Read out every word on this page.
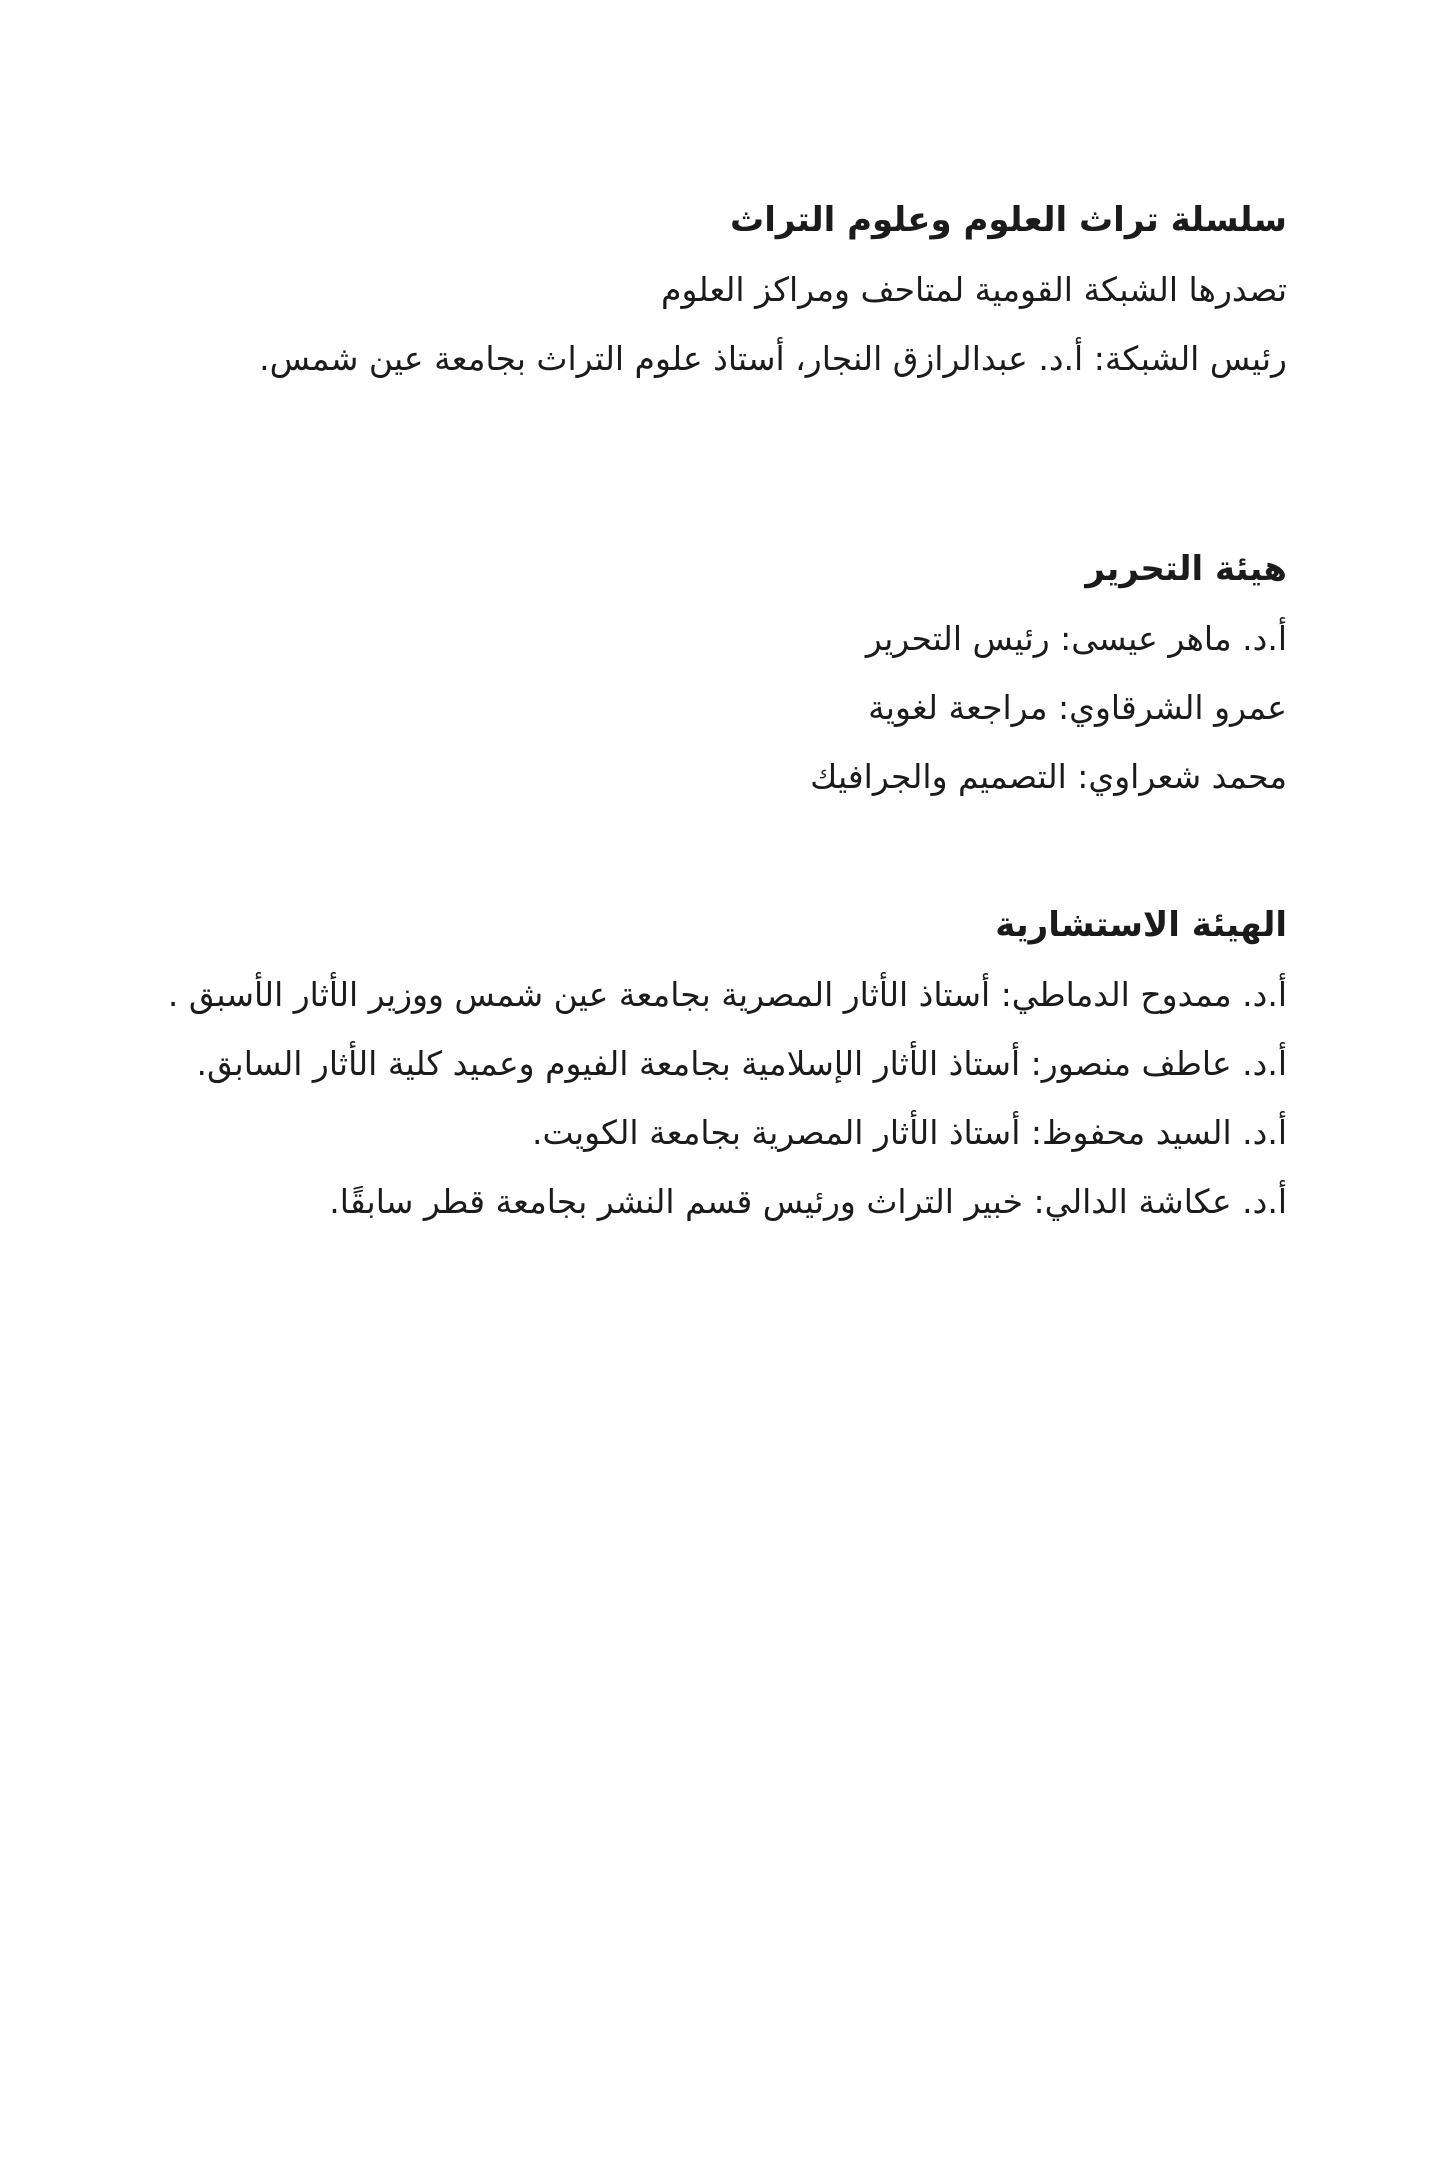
سلسلة تراث العلوم وعلوم التراث

تصدرها الشبكة القومية لمتاحف ومراكز العلوم

رئيس الشبكة: أ.د. عبدالرازق النجار، أستاذ علوم التراث بجامعة عين شمس.

هيئة التحرير

أ.د. ماهر عيسى: رئيس التحرير

عمرو الشرقاوي: مراجعة لغوية

محمد شعراوي: التصميم والجرافيك

الهيئة الاستشارية

أ.د. ممدوح الدماطي: أستاذ الأثار المصرية بجامعة عين شمس ووزير الأثار الأسبق .

أ.د. عاطف منصور: أستاذ الأثار الإسلامية بجامعة الفيوم وعميد كلية الأثار السابق.

أ.د. السيد محفوظ: أستاذ الأثار المصرية بجامعة الكويت.

أ.د. عكاشة الدالي: خبير التراث ورئيس قسم النشر بجامعة قطر سابقًا.
